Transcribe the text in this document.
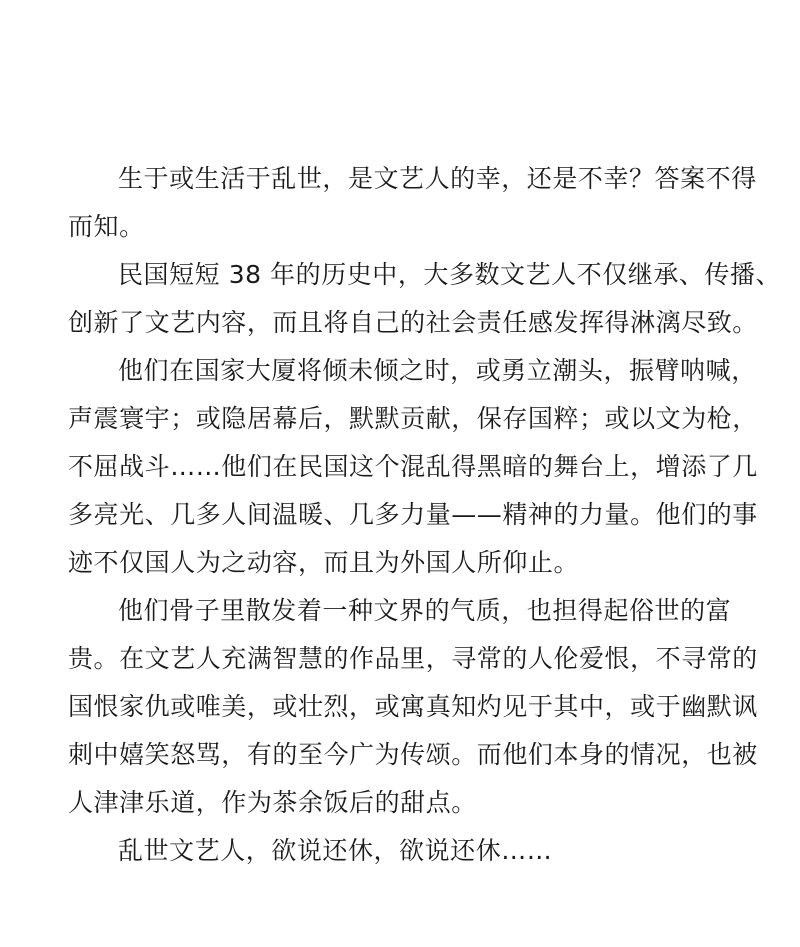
生于或生活于乱世，是文艺人的幸，还是不幸？答案不得
而知。
民国短短 38 年的历史中，大多数文艺人不仅继承、传播、
创新了文艺内容，而且将自己的社会责任感发挥得淋漓尽致。
他们在国家大厦将倾未倾之时，或勇立潮头，振臂呐喊，
声震寰宇；或隐居幕后，默默贡献，保存国粹；或以文为枪，
不屈战斗……他们在民国这个混乱得黑暗的舞台上，增添了几
多亮光、几多人间温暖、几多力量——精神的力量。他们的事
迹不仅国人为之动容，而且为外国人所仰止。
他们骨子里散发着一种文界的气质，也担得起俗世的富
贵。在文艺人充满智慧的作品里，寻常的人伦爱恨，不寻常的
国恨家仇或唯美，或壮烈，或寓真知灼见于其中，或于幽默讽
刺中嬉笑怒骂，有的至今广为传颂。而他们本身的情况，也被
人津津乐道，作为茶余饭后的甜点。
乱世文艺人，欲说还休，欲说还休……
